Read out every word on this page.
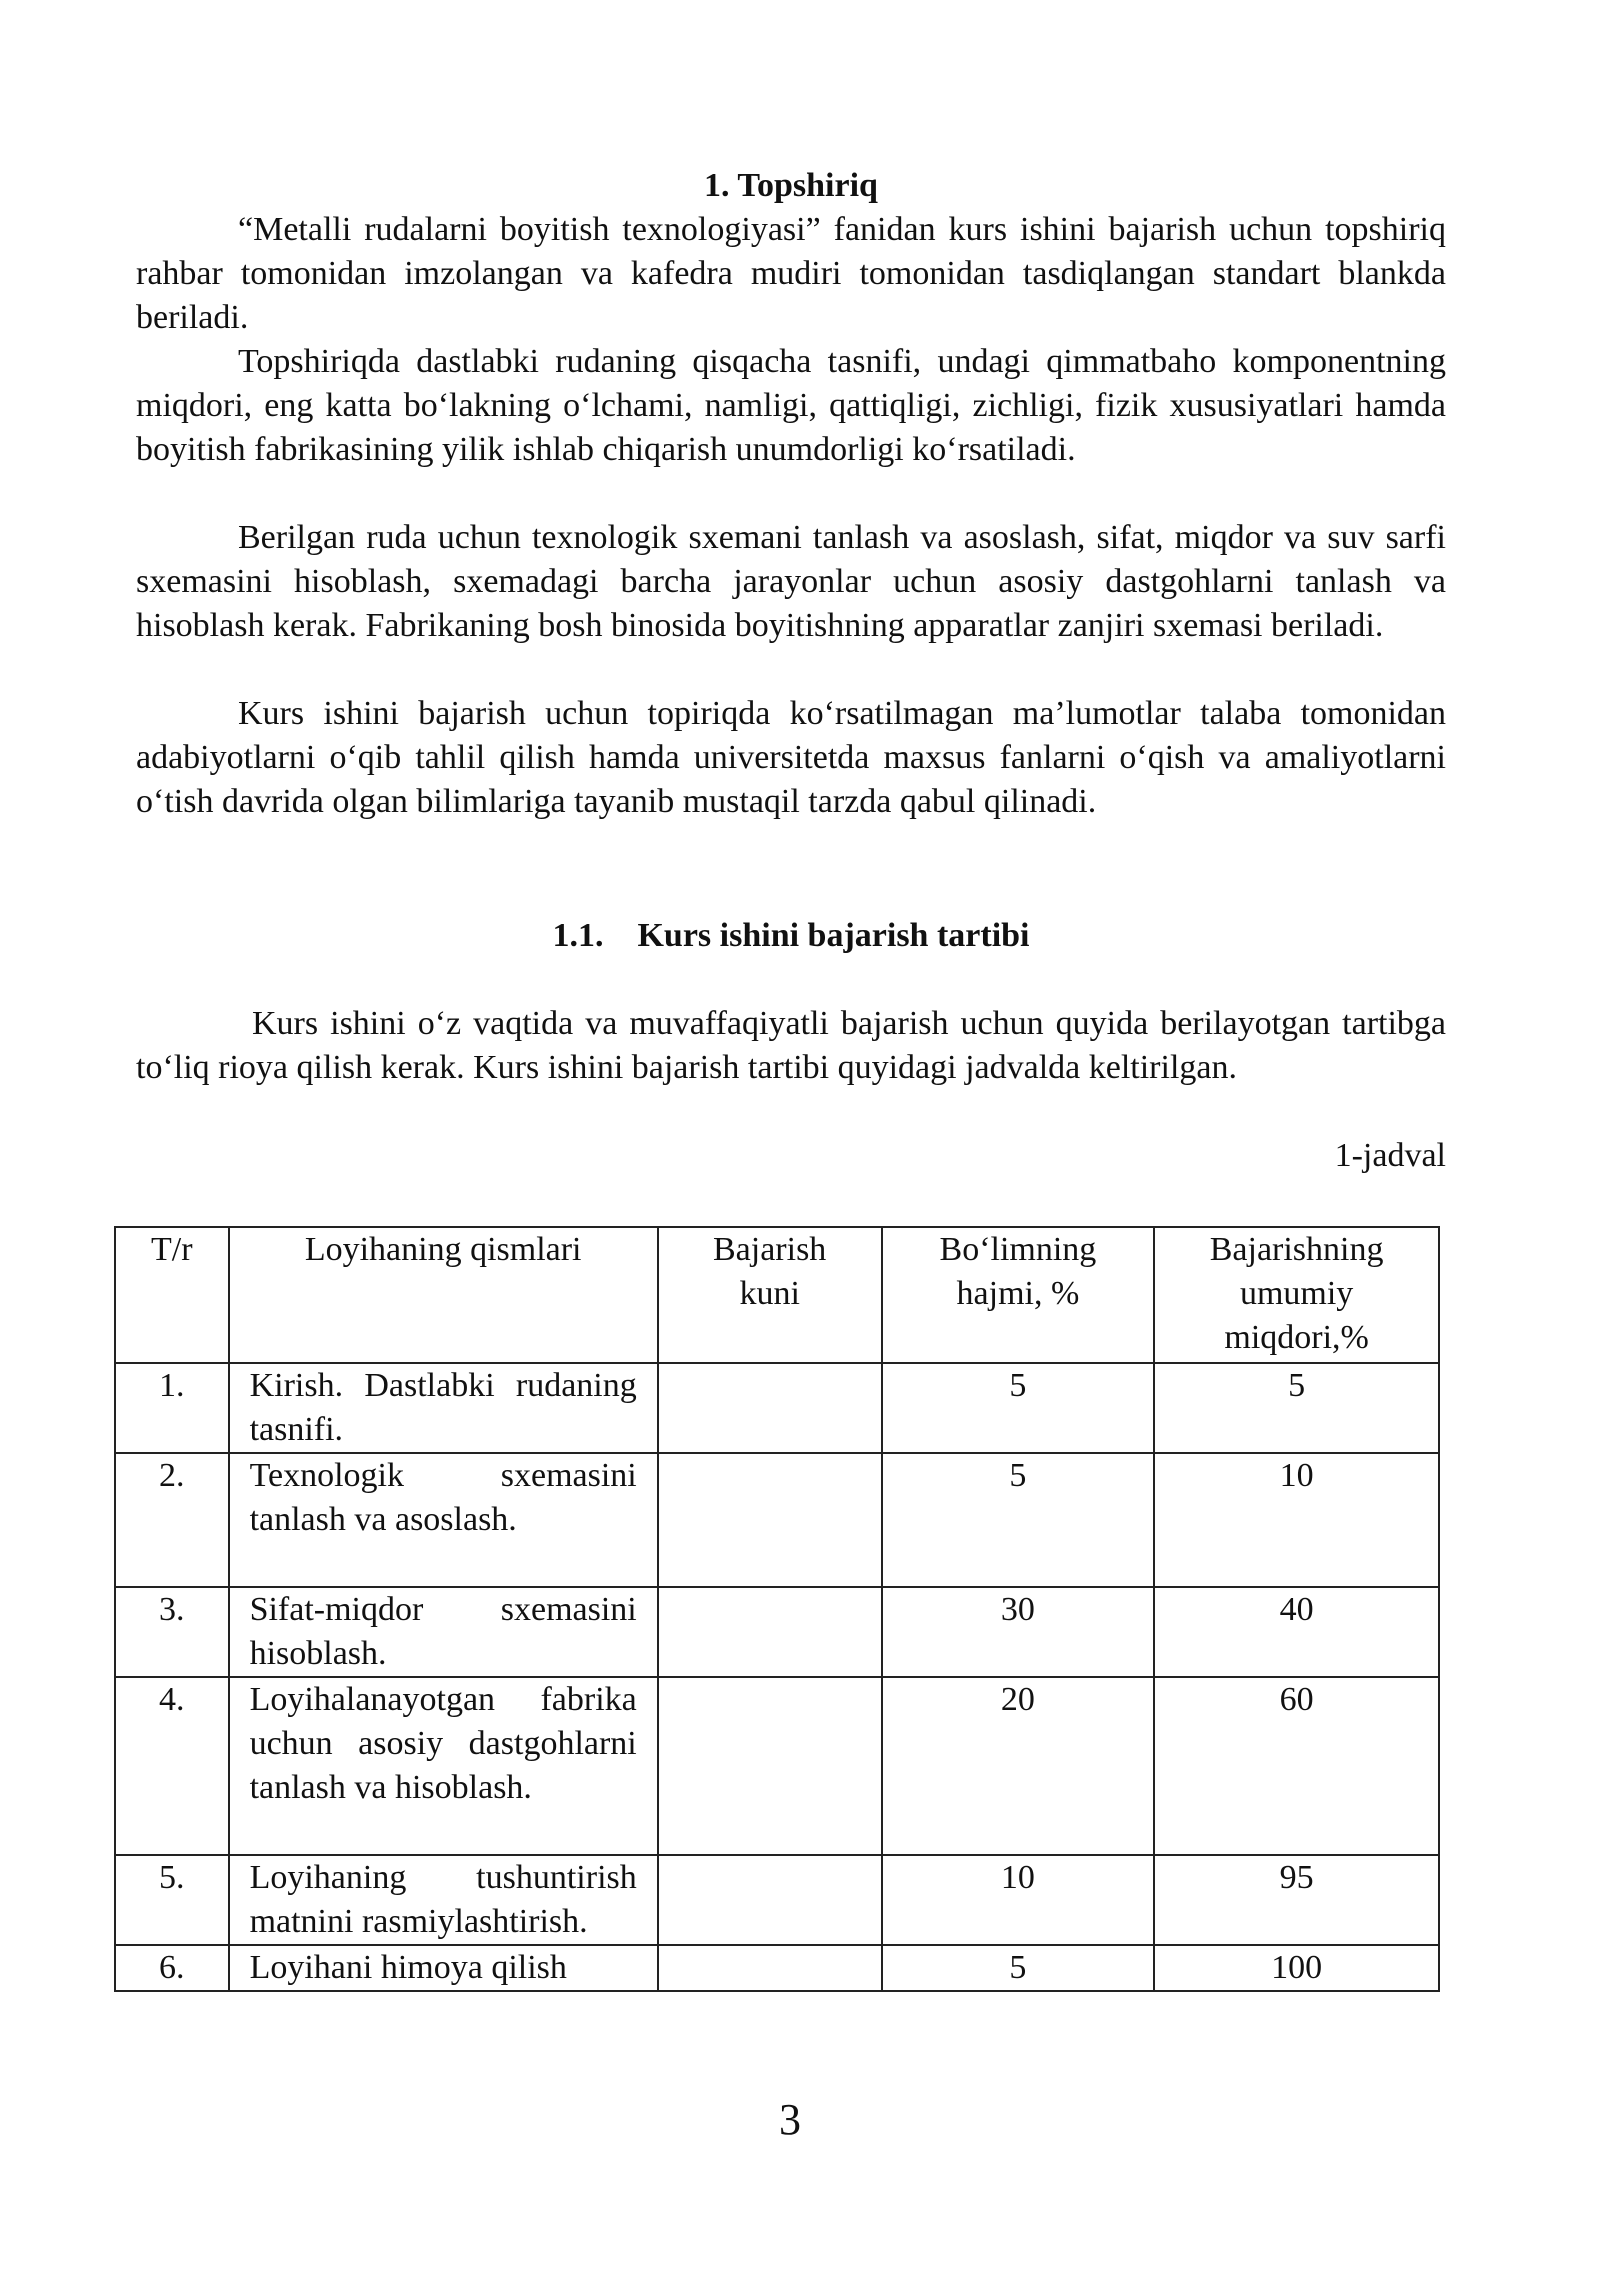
1. Topshiriq

“Metalli rudalarni boyitish texnologiyasi” fanidan kurs ishini bajarish uchun topshiriq rahbar tomonidan imzolangan va kafedra mudiri tomonidan tasdiqlangan standart blankda beriladi.

Topshiriqda dastlabki rudaning qisqacha tasnifi, undagi qimmatbaho komponentning miqdori, eng katta boʻlakning oʻlchami, namligi, qattiqligi, zichligi, fizik xususiyatlari hamda boyitish fabrikasining yilik ishlab chiqarish unumdorligi koʻrsatiladi.

Berilgan ruda uchun texnologik sxemani tanlash va asoslash, sifat, miqdor va suv sarfi sxemasini hisoblash, sxemadagi barcha jarayonlar uchun asosiy dastgohlarni tanlash va hisoblash kerak. Fabrikaning bosh binosida boyitishning apparatlar zanjiri sxemasi beriladi.

Kurs ishini bajarish uchun topiriqda koʻrsatilmagan ma’lumotlar talaba tomonidan adabiyotlarni oʻqib tahlil qilish hamda universitetda maxsus fanlarni oʻqish va amaliyotlarni oʻtish davrida olgan bilimlariga tayanib mustaqil tarzda qabul qilinadi.

1.1. Kurs ishini bajarish tartibi

Kurs ishini oʻz vaqtida va muvaffaqiyatli bajarish uchun quyida berilayotgan tartibga toʻliq rioya qilish kerak. Kurs ishini bajarish tartibi quyidagi jadvalda keltirilgan.

1-jadval
T/r	Loyihaning qismlari	Bajarish kuni	Boʻlimning hajmi, %	Bajarishning umumiy miqdori,%
1.	Kirish. Dastlabki rudaning tasnifi.		5	5
2.	Texnologik sxemasini tanlash va asoslash.		5	10
3.	Sifat-miqdor sxemasini hisoblash.		30	40
4.	Loyihalanayotgan fabrika uchun asosiy dastgohlarni tanlash va hisoblash.		20	60
5.	Loyihaning tushuntirish matnini rasmiylashtirish.		10	95
6.	Loyihani himoya qilish		5	100
3
